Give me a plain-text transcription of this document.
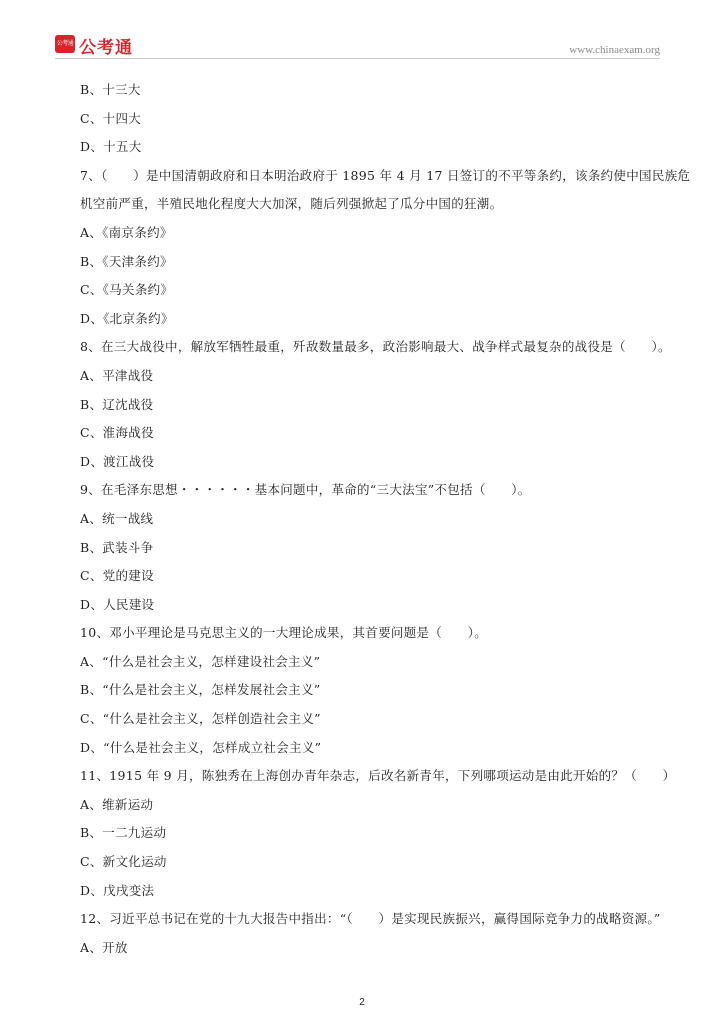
公考通 公考通	www.chinaexam.org
B、十三大
C、十四大
D、十五大
7、（　　）是中国清朝政府和日本明治政府于 1895 年 4 月 17 日签订的不平等条约，该条约使中国民族危
机空前严重，半殖民地化程度大大加深，随后列强掀起了瓜分中国的狂潮。
A、《南京条约》
B、《天津条约》
C、《马关条约》
D、《北京条约》
8、在三大战役中，解放军牺牲最重，歼敌数量最多，政治影响最大、战争样式最复杂的战役是（　　）。
A、平津战役
B、辽沈战役
C、淮海战役
D、渡江战役
9、在毛泽东思想・・・・・・基本问题中，革命的“三大法宝”不包括（　　）。
A、统一战线
B、武装斗争
C、党的建设
D、人民建设
10、邓小平理论是马克思主义的一大理论成果，其首要问题是（　　）。
A、“什么是社会主义，怎样建设社会主义”
B、“什么是社会主义，怎样发展社会主义”
C、“什么是社会主义，怎样创造社会主义”
D、“什么是社会主义，怎样成立社会主义”
11、1915 年 9 月，陈独秀在上海创办青年杂志，后改名新青年，下列哪项运动是由此开始的？（　　）
A、维新运动
B、一二九运动
C、新文化运动
D、戊戌变法
12、习近平总书记在党的十九大报告中指出：“（　　）是实现民族振兴，赢得国际竞争力的战略资源。”
A、开放
2
